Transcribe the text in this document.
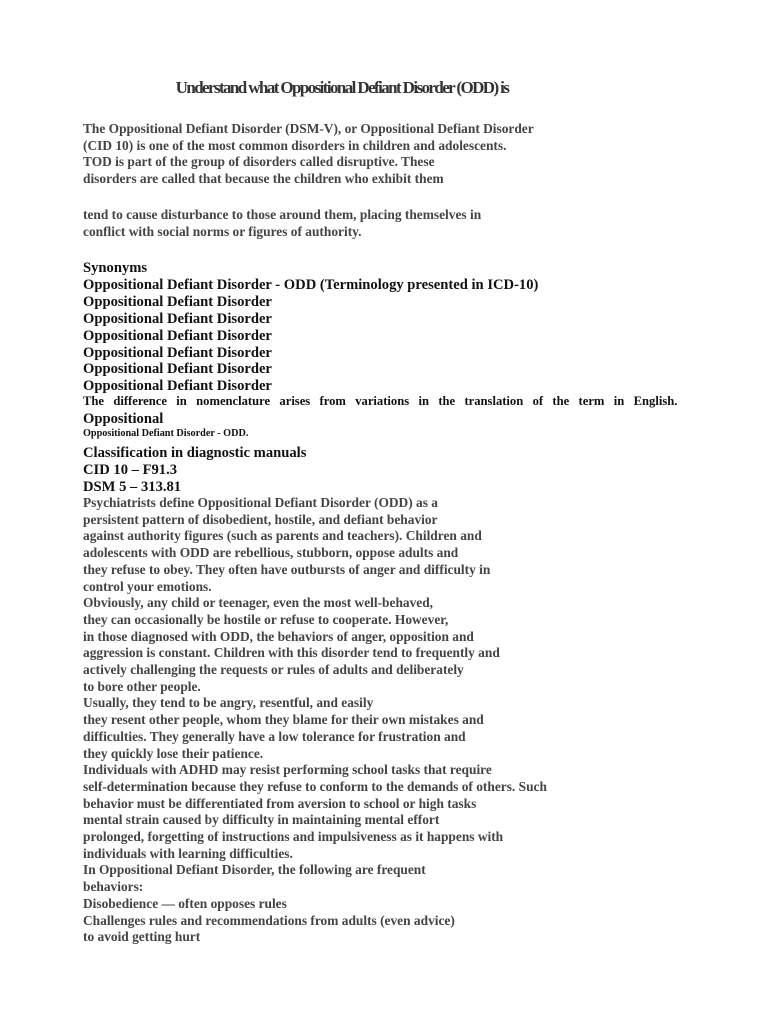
Understand what Oppositional Defiant Disorder (ODD) is
The Oppositional Defiant Disorder (DSM-V), or Oppositional Defiant Disorder
(CID 10) is one of the most common disorders in children and adolescents.
TOD is part of the group of disorders called disruptive. These
disorders are called that because the children who exhibit them
tend to cause disturbance to those around them, placing themselves in
conflict with social norms or figures of authority.
Synonyms
Oppositional Defiant Disorder - ODD (Terminology presented in ICD-10)
Oppositional Defiant Disorder
Oppositional Defiant Disorder
Oppositional Defiant Disorder
Oppositional Defiant Disorder
Oppositional Defiant Disorder
Oppositional Defiant Disorder
The difference in nomenclature arises from variations in the translation of the term in English.
Oppositional
Oppositional Defiant Disorder - ODD.
Classification in diagnostic manuals
CID 10 – F91.3
DSM 5 – 313.81
Psychiatrists define Oppositional Defiant Disorder (ODD) as a
persistent pattern of disobedient, hostile, and defiant behavior
against authority figures (such as parents and teachers). Children and
adolescents with ODD are rebellious, stubborn, oppose adults and
they refuse to obey. They often have outbursts of anger and difficulty in
control your emotions.
Obviously, any child or teenager, even the most well-behaved,
they can occasionally be hostile or refuse to cooperate. However,
in those diagnosed with ODD, the behaviors of anger, opposition and
aggression is constant. Children with this disorder tend to frequently and
actively challenging the requests or rules of adults and deliberately
to bore other people.
Usually, they tend to be angry, resentful, and easily
they resent other people, whom they blame for their own mistakes and
difficulties. They generally have a low tolerance for frustration and
they quickly lose their patience.
Individuals with ADHD may resist performing school tasks that require
self-determination because they refuse to conform to the demands of others. Such
behavior must be differentiated from aversion to school or high tasks
mental strain caused by difficulty in maintaining mental effort
prolonged, forgetting of instructions and impulsiveness as it happens with
individuals with learning difficulties.
In Oppositional Defiant Disorder, the following are frequent
behaviors:
Disobedience — often opposes rules
Challenges rules and recommendations from adults (even advice)
to avoid getting hurt
